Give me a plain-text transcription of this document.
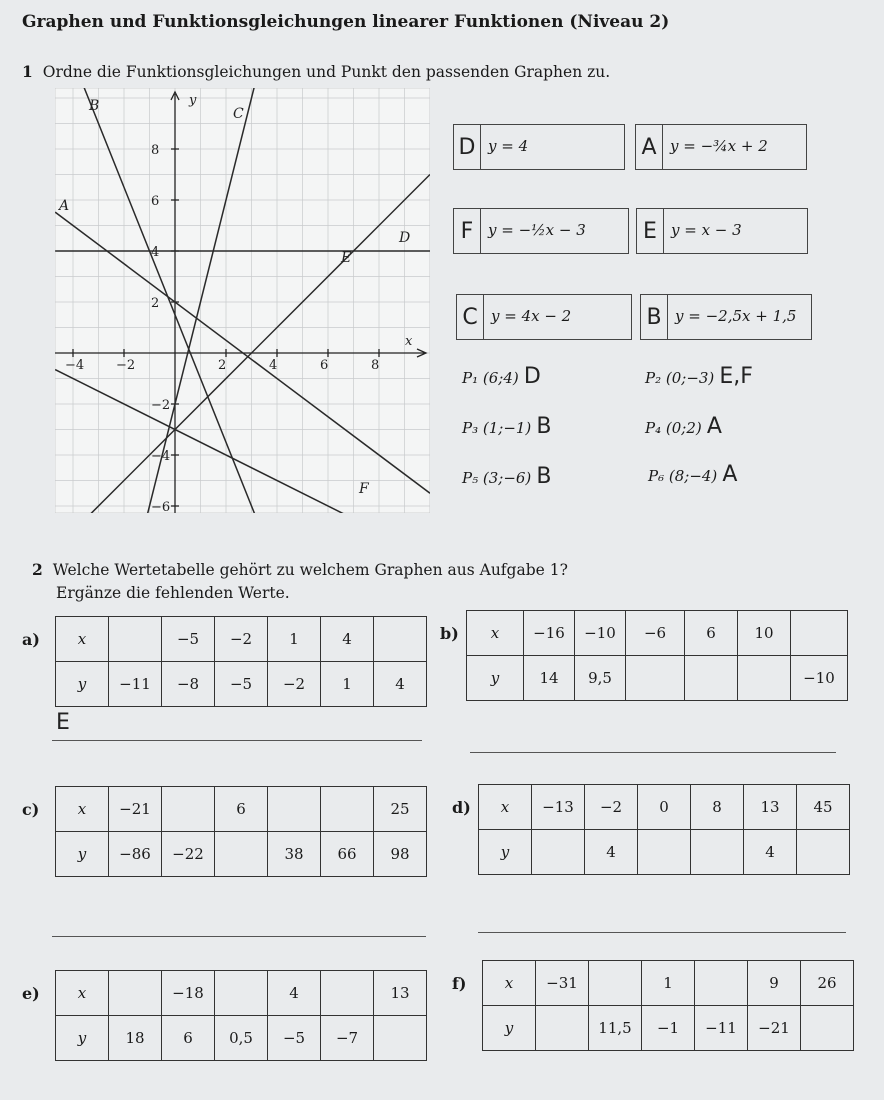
Graphen und Funktionsgleichungen linearer Funktionen (Niveau 2)
1 Ordne die Funktionsgleichungen und Punkt den passenden Graphen zu.
−4 −2	2	4	6	8
8
6
4
2
−2
−4
−6
y
x
A
B	C
D
E
F
D y = 4	A y = −¾x + 2
F y = −½x − 3	E y = x − 3
C y = 4x − 2	B y = −2,5x + 1,5
P₁ (6;4) D	P₂ (0;−3) E,F
P₃ (1;−1) B	P₄ (0;2) A
P₅ (3;−6) B	P₆ (8;−4) A
2 Welche Wertetabelle gehört zu welchem Graphen aus Aufgabe 1?
Ergänze die fehlenden Werte.
a)	x		−5	−2	1	4	
y	−11	−8	−5	−2	1	4
E
b) x	−16	−10	−6	6	10	
y	14	9,5				−10
c)	x	−21		6			25
y	−86	−22		38	66	98
d) x	−13	−2	0	8	13	45
y		4			4	
e)	x		−18		4		13
y	18	6	0,5	−5	−7	
f)	x	−31		1		9	26
y		11,5	−1	−11	−21	
